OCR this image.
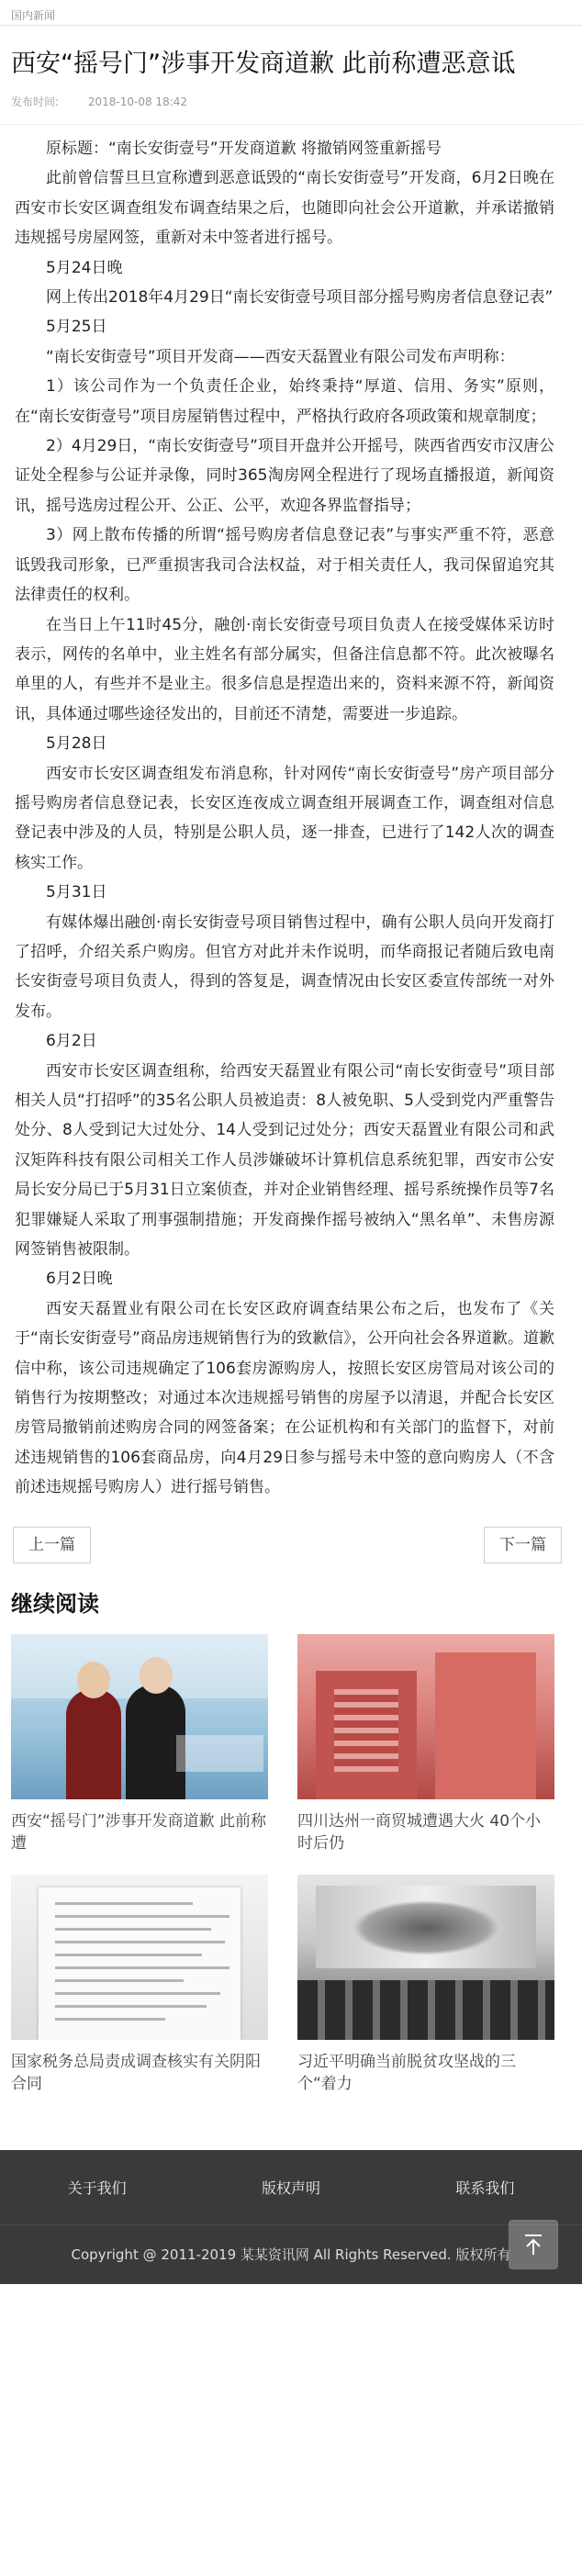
国内新闻
西安“摇号门”涉事开发商道歉 此前称遭恶意诋
发布时间:	2018-10-08 18:42

原标题：“南长安街壹号”开发商道歉 将撤销网签重新摇号

此前曾信誓旦旦宣称遭到恶意诋毁的“南长安街壹号”开发商，6月2日晚在西安市长安区调查组发布调查结果之后，也随即向社会公开道歉，并承诺撤销违规摇号房屋网签，重新对未中签者进行摇号。

5月24日晚

网上传出2018年4月29日“南长安街壹号项目部分摇号购房者信息登记表”

5月25日

“南长安街壹号”项目开发商——西安天磊置业有限公司发布声明称：

1）该公司作为一个负责任企业，始终秉持“厚道、信用、务实”原则，在“南长安街壹号”项目房屋销售过程中，严格执行政府各项政策和规章制度；

2）4月29日，“南长安街壹号”项目开盘并公开摇号，陕西省西安市汉唐公证处全程参与公证并录像，同时365淘房网全程进行了现场直播报道，新闻资讯，摇号选房过程公开、公正、公平，欢迎各界监督指导；

3）网上散布传播的所谓“摇号购房者信息登记表”与事实严重不符，恶意诋毁我司形象，已严重损害我司合法权益，对于相关责任人，我司保留追究其法律责任的权利。

在当日上午11时45分，融创·南长安街壹号项目负责人在接受媒体采访时表示，网传的名单中，业主姓名有部分属实，但备注信息都不符。此次被曝名单里的人，有些并不是业主。很多信息是捏造出来的，资料来源不符，新闻资讯，具体通过哪些途径发出的，目前还不清楚，需要进一步追踪。

5月28日

西安市长安区调查组发布消息称，针对网传“南长安街壹号”房产项目部分摇号购房者信息登记表，长安区连夜成立调查组开展调查工作，调查组对信息登记表中涉及的人员，特别是公职人员，逐一排查，已进行了142人次的调查核实工作。

5月31日

有媒体爆出融创·南长安街壹号项目销售过程中，确有公职人员向开发商打了招呼，介绍关系户购房。但官方对此并未作说明，而华商报记者随后致电南长安街壹号项目负责人，得到的答复是，调查情况由长安区委宣传部统一对外发布。

6月2日

西安市长安区调查组称，给西安天磊置业有限公司“南长安街壹号”项目部相关人员“打招呼”的35名公职人员被追责：8人被免职、5人受到党内严重警告处分、8人受到记大过处分、14人受到记过处分；西安天磊置业有限公司和武汉矩阵科技有限公司相关工作人员涉嫌破坏计算机信息系统犯罪，西安市公安局长安分局已于5月31日立案侦查，并对企业销售经理、摇号系统操作员等7名犯罪嫌疑人采取了刑事强制措施；开发商操作摇号被纳入“黑名单”、未售房源网签销售被限制。

6月2日晚

西安天磊置业有限公司在长安区政府调查结果公布之后，也发布了《关于“南长安街壹号”商品房违规销售行为的致歉信》，公开向社会各界道歉。道歉信中称，该公司违规确定了106套房源购房人，按照长安区房管局对该公司的销售行为按期整改；对通过本次违规摇号销售的房屋予以清退，并配合长安区房管局撤销前述购房合同的网签备案；在公证机构和有关部门的监督下，对前述违规销售的106套商品房，向4月29日参与摇号未中签的意向购房人（不含前述违规摇号购房人）进行摇号销售。

上一篇	下一篇
继续阅读
西安“摇号门”涉事开发商道歉 此前称遭
四川达州一商贸城遭遇大火 40个小时后仍
国家税务总局责成调查核实有关阴阳合同
习近平明确当前脱贫攻坚战的三个“着力
关于我们	版权声明	联系我们
Copyright @ 2011-2019 某某资讯网 All Rights Reserved. 版权所有
